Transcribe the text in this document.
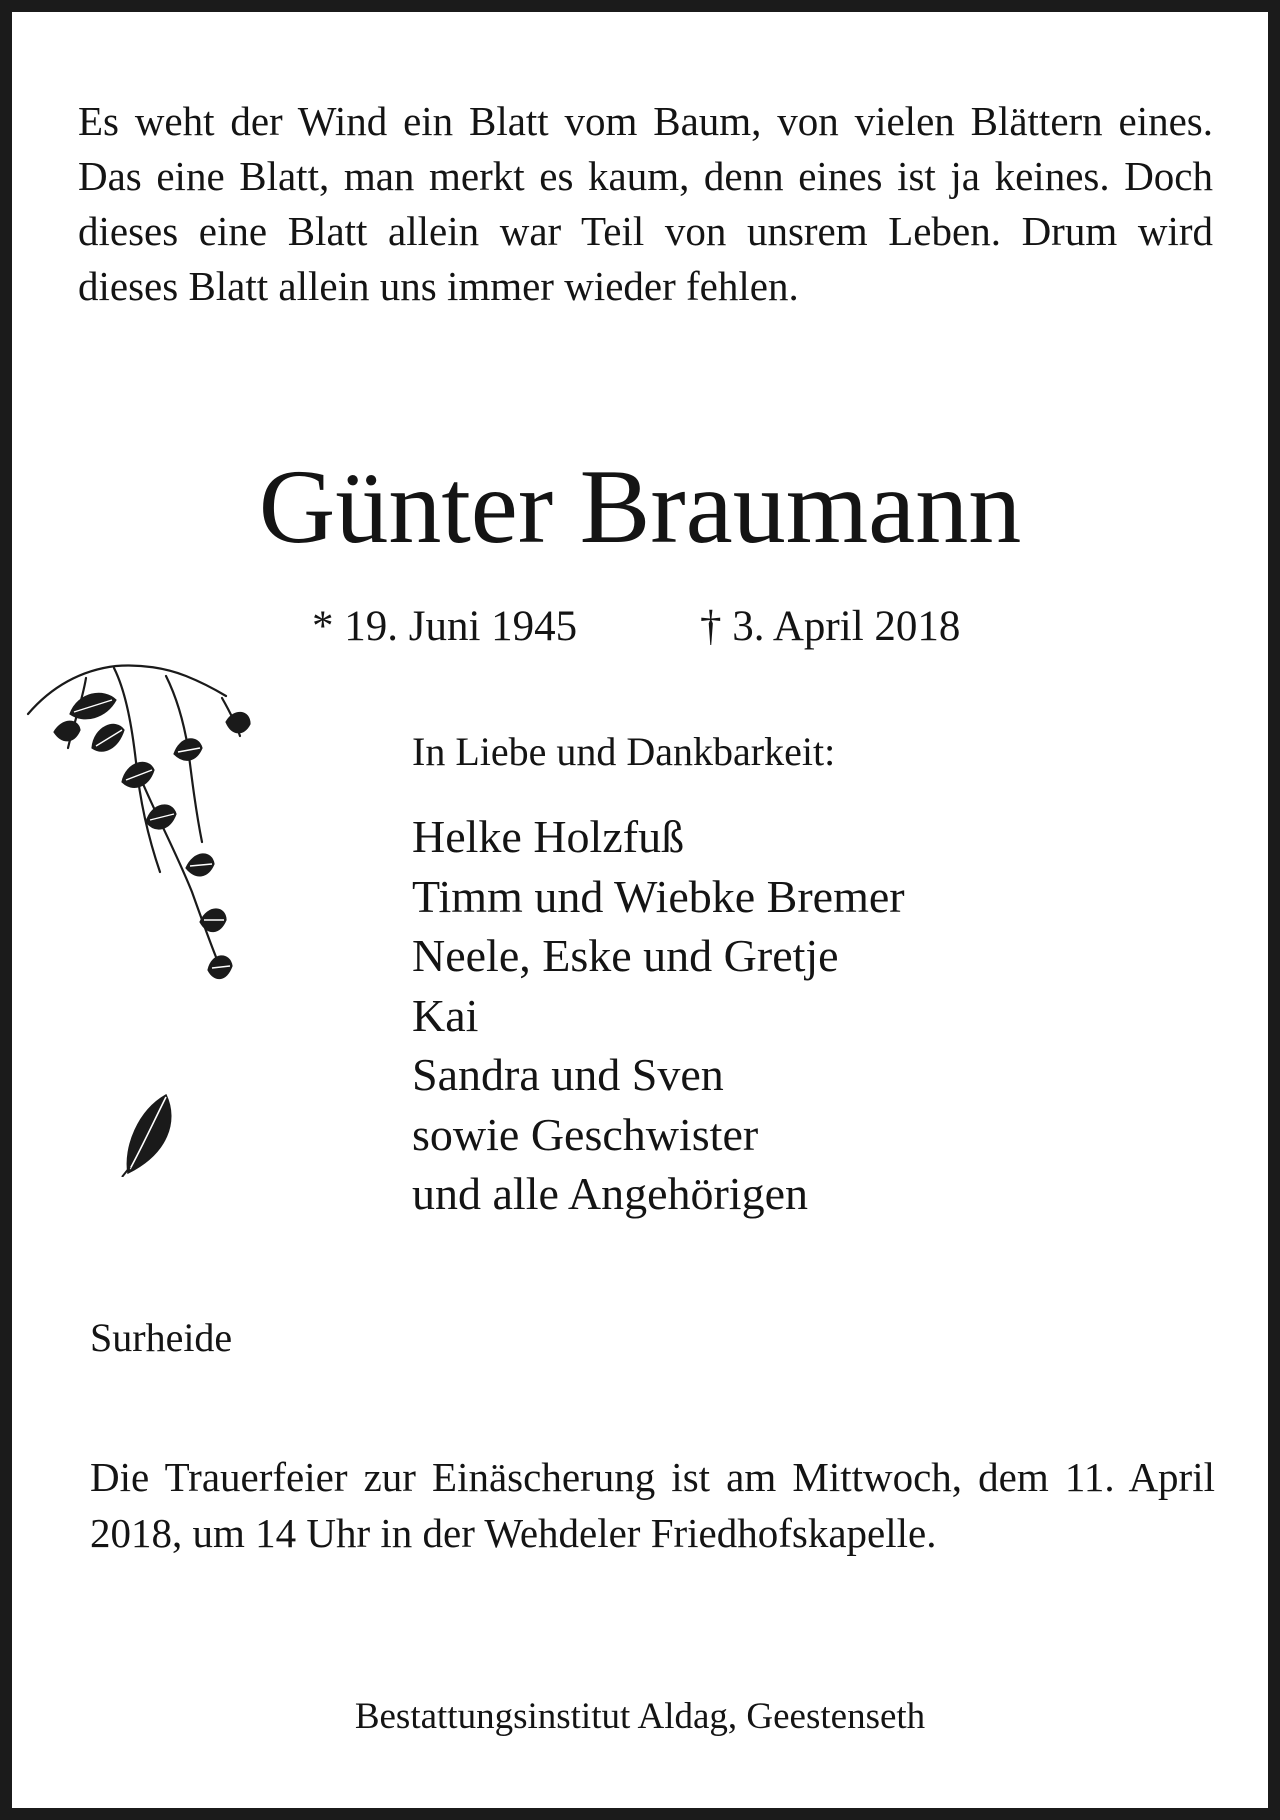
Es weht der Wind ein Blatt vom Baum, von vielen Blättern eines. Das eine Blatt, man merkt es kaum, denn eines ist ja keines. Doch dieses eine Blatt allein war Teil von unsrem Leben. Drum wird dieses Blatt allein uns immer wieder fehlen.

Günter Braumann
* 19. Juni 1945	† 3. April 2018
In Liebe und Dankbarkeit:
Helke Holzfuß
Timm und Wiebke Bremer
Neele, Eske und Gretje
Kai
Sandra und Sven
sowie Geschwister
und alle Angehörigen
Surheide

Die Trauerfeier zur Einäscherung ist am Mittwoch, dem 11. April 2018, um 14 Uhr in der Wehdeler Friedhofskapelle.

Bestattungsinstitut Aldag, Geestenseth
